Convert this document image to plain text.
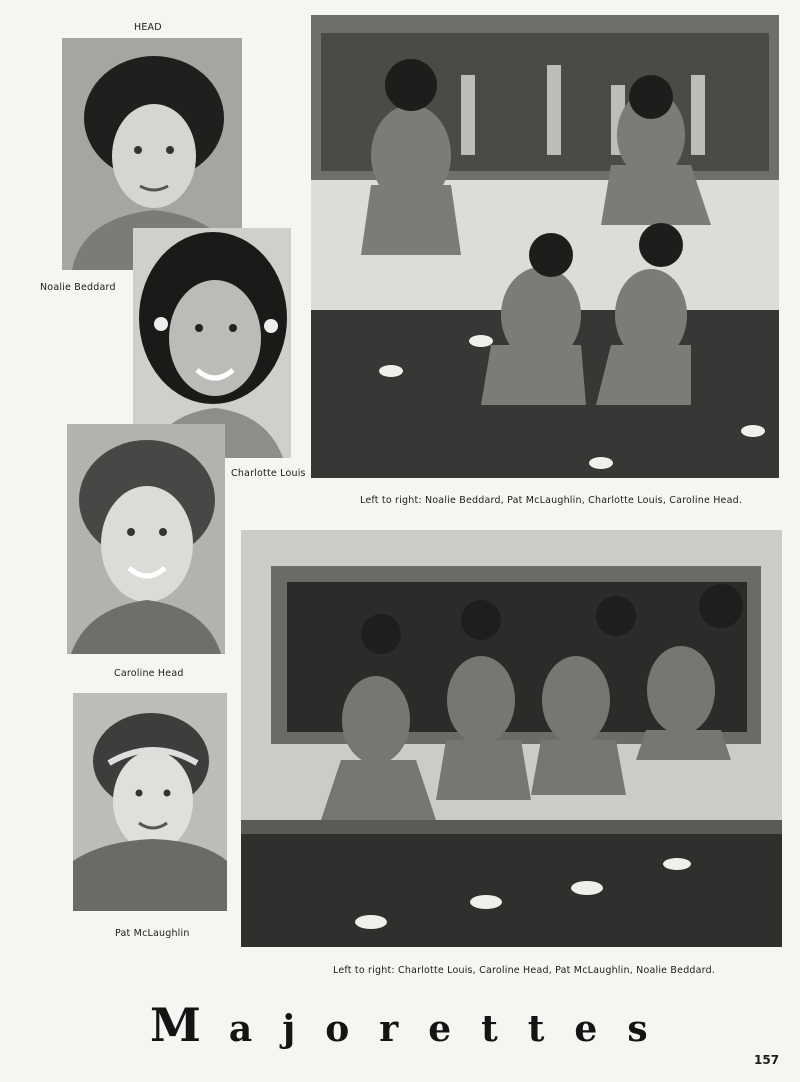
HEAD
Noalie Beddard
Charlotte Louis
Caroline Head
Pat McLaughlin
Left to right: Noalie Beddard, Pat McLaughlin, Charlotte Louis, Caroline Head.
Left to right: Charlotte Louis, Caroline Head, Pat McLaughlin, Noalie Beddard.
Majorettes
157
